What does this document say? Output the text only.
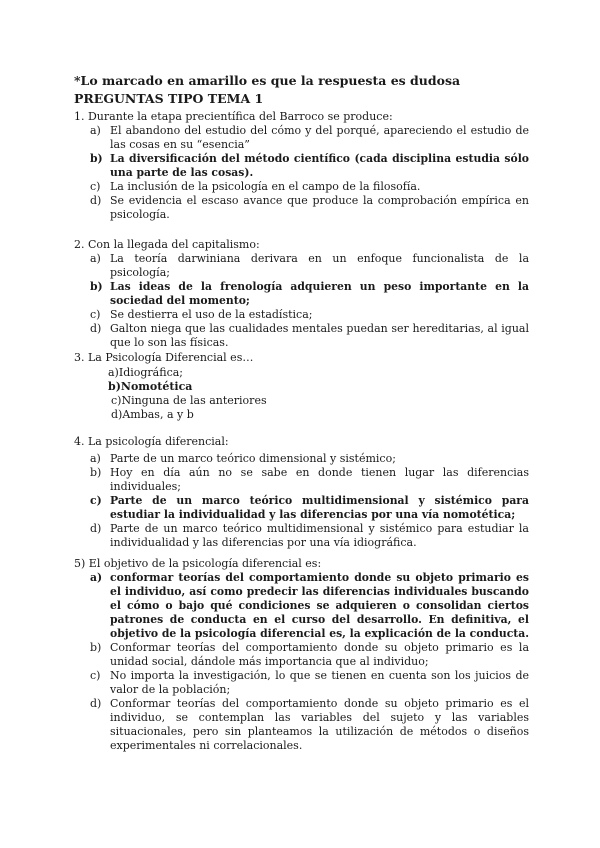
*Lo marcado en amarillo es que la respuesta es dudosa
PREGUNTAS TIPO TEMA 1
1. Durante la etapa precientífica del Barroco se produce:
a) El abandono del estudio del cómo y del porqué, apareciendo el estudio de las cosas en su “esencia”
b) La diversificación del método científico (cada disciplina estudia sólo una parte de las cosas).
c) La inclusión de la psicología en el campo de la filosofía.
d) Se evidencia el escaso avance que produce la comprobación empírica en psicología.
2. Con la llegada del capitalismo:
a) La teoría darwiniana derivara en un enfoque funcionalista de la psicología;
b) Las ideas de la frenología adquieren un peso importante en la sociedad del momento;
c) Se destierra el uso de la estadística;
d) Galton niega que las cualidades mentales puedan ser hereditarias, al igual que lo son las físicas.
3. La Psicología Diferencial es…
a)Idiográfica;
b)Nomotética
c)Ninguna de las anteriores
d)Ambas, a y b
4. La psicología diferencial:
a) Parte de un marco teórico dimensional y sistémico;
b) Hoy en día aún no se sabe en donde tienen lugar las diferencias individuales;
c) Parte de un marco teórico multidimensional y sistémico para estudiar la individualidad y las diferencias por una vía nomotética;
d) Parte de un marco teórico multidimensional y sistémico para estudiar la individualidad y las diferencias por una vía idiográfica.
5) El objetivo de la psicología diferencial es:
a) conformar teorías del comportamiento donde su objeto primario es el individuo, así como predecir las diferencias individuales buscando el cómo o bajo qué condiciones se adquieren o consolidan ciertos patrones de conducta en el curso del desarrollo. En definitiva, el objetivo de la psicología diferencial es, la explicación de la conducta.
b) Conformar teorías del comportamiento donde su objeto primario es la unidad social, dándole más importancia que al individuo;
c) No importa la investigación, lo que se tienen en cuenta son los juicios de valor de la población;
d) Conformar teorías del comportamiento donde su objeto primario es el individuo, se contemplan las variables del sujeto y las variables situacionales, pero sin planteamos la utilización de métodos o diseños experimentales ni correlacionales.
